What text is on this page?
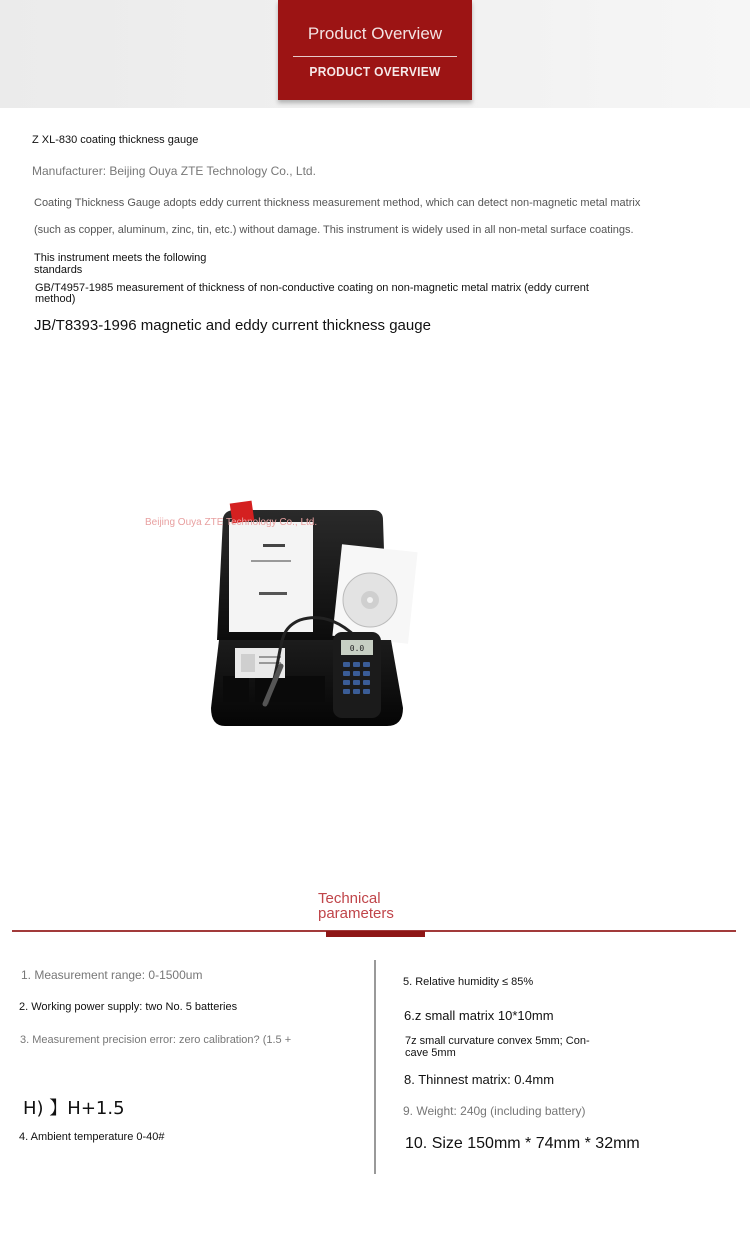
Product Overview
PRODUCT OVERVIEW

Z XL-830 coating thickness gauge

Manufacturer: Beijing Ouya ZTE Technology Co., Ltd.

Coating Thickness Gauge adopts eddy current thickness measurement method, which can detect non-magnetic metal matrix

(such as copper, aluminum, zinc, tin, etc.) without damage. This instrument is widely used in all non-metal surface coatings.

This instrument meets the following

standards

GB/T4957-1985 measurement of thickness of non-conductive coating on non-magnetic metal matrix (eddy current

method)

JB/T8393-1996 magnetic and eddy current thickness gauge

0.0
Beijing Ouya ZTE Technology Co., Ltd.
Technical parameters

1. Measurement range: 0-1500um

2. Working power supply: two No. 5 batteries

3. Measurement precision error: zero calibration? (1.5 +

H) 】H+1.5

4. Ambient temperature 0-40#

5. Relative humidity ≤ 85%

6.z small matrix 10*10mm

7z small curvature convex 5mm; Con-

cave 5mm

8. Thinnest matrix: 0.4mm

9. Weight: 240g (including battery)

10. Size 150mm * 74mm * 32mm
